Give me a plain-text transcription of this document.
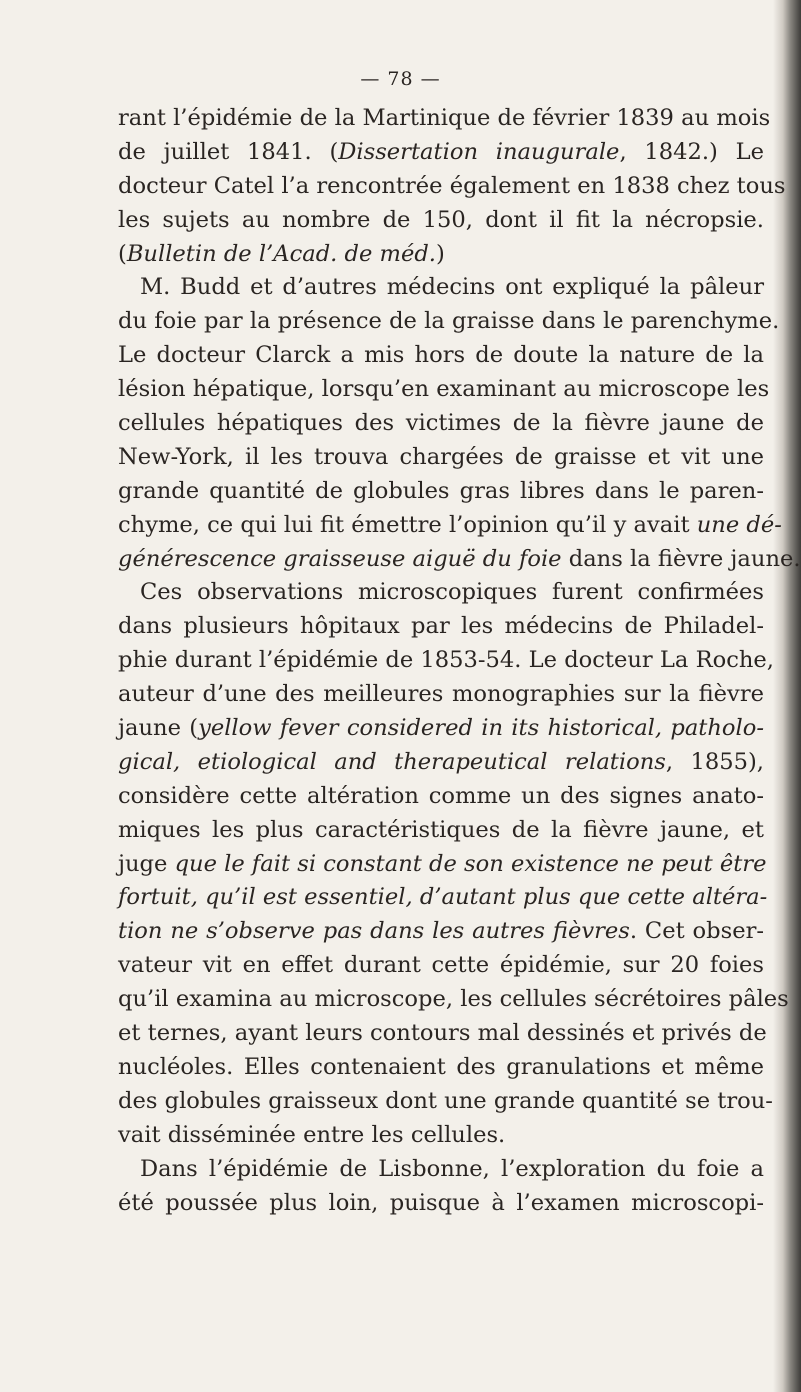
— 78 —
rant l’épidémie de la Martinique de février 1839 au mois
de juillet 1841. (Dissertation inaugurale, 1842.) Le
docteur Catel l’a rencontrée également en 1838 chez tous
les sujets au nombre de 150, dont il fit la nécropsie.
(Bulletin de l’Acad. de méd.)
M. Budd et d’autres médecins ont expliqué la pâleur
du foie par la présence de la graisse dans le parenchyme.
Le docteur Clarck a mis hors de doute la nature de la
lésion hépatique, lorsqu’en examinant au microscope les
cellules hépatiques des victimes de la fièvre jaune de
New-York, il les trouva chargées de graisse et vit une
grande quantité de globules gras libres dans le paren-
chyme, ce qui lui fit émettre l’opinion qu’il y avait une dé-
générescence graisseuse aiguë du foie dans la fièvre jaune.
Ces observations microscopiques furent confirmées
dans plusieurs hôpitaux par les médecins de Philadel-
phie durant l’épidémie de 1853-54. Le docteur La Roche,
auteur d’une des meilleures monographies sur la fièvre
jaune (yellow fever considered in its historical, patholo-
gical, etiological and therapeutical relations, 1855),
considère cette altération comme un des signes anato-
miques les plus caractéristiques de la fièvre jaune, et
juge que le fait si constant de son existence ne peut être
fortuit, qu’il est essentiel, d’autant plus que cette altéra-
tion ne s’observe pas dans les autres fièvres. Cet obser-
vateur vit en effet durant cette épidémie, sur 20 foies
qu’il examina au microscope, les cellules sécrétoires pâles
et ternes, ayant leurs contours mal dessinés et privés de
nucléoles. Elles contenaient des granulations et même
des globules graisseux dont une grande quantité se trou-
vait disséminée entre les cellules.
Dans l’épidémie de Lisbonne, l’exploration du foie a
été poussée plus loin, puisque à l’examen microscopi-
